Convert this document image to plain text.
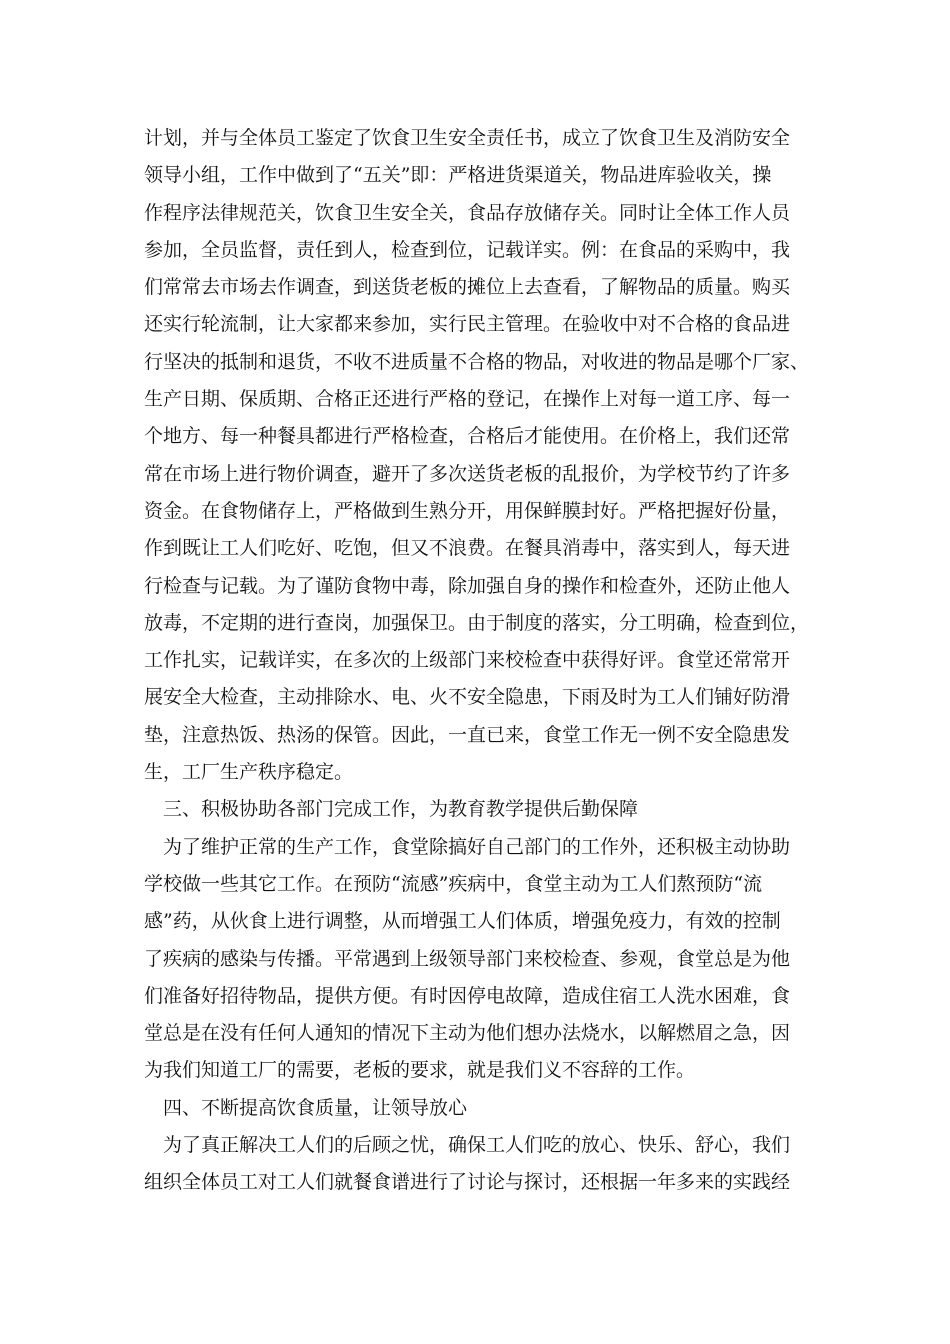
计划，并与全体员工鉴定了饮食卫生安全责任书，成立了饮食卫生及消防安全
领导小组，工作中做到了“五关”即：严格进货渠道关，物品进库验收关，操
作程序法律规范关，饮食卫生安全关，食品存放储存关。同时让全体工作人员
参加，全员监督，责任到人，检查到位，记载详实。例：在食品的采购中，我
们常常去市场去作调查，到送货老板的摊位上去查看，了解物品的质量。购买
还实行轮流制，让大家都来参加，实行民主管理。在验收中对不合格的食品进
行坚决的抵制和退货，不收不进质量不合格的物品，对收进的物品是哪个厂家、
生产日期、保质期、合格正还进行严格的登记，在操作上对每一道工序、每一
个地方、每一种餐具都进行严格检查，合格后才能使用。在价格上，我们还常
常在市场上进行物价调查，避开了多次送货老板的乱报价，为学校节约了许多
资金。在食物储存上，严格做到生熟分开，用保鲜膜封好。严格把握好份量，
作到既让工人们吃好、吃饱，但又不浪费。在餐具消毒中，落实到人，每天进
行检查与记载。为了谨防食物中毒，除加强自身的操作和检查外，还防止他人
放毒，不定期的进行查岗，加强保卫。由于制度的落实，分工明确，检查到位，
工作扎实，记载详实，在多次的上级部门来校检查中获得好评。食堂还常常开
展安全大检查，主动排除水、电、火不安全隐患，下雨及时为工人们铺好防滑
垫，注意热饭、热汤的保管。因此，一直已来，食堂工作无一例不安全隐患发
生，工厂生产秩序稳定。
三、积极协助各部门完成工作，为教育教学提供后勤保障
为了维护正常的生产工作，食堂除搞好自己部门的工作外，还积极主动协助
学校做一些其它工作。在预防“流感”疾病中，食堂主动为工人们熬预防“流
感”药，从伙食上进行调整，从而增强工人们体质，增强免疫力，有效的控制
了疾病的感染与传播。平常遇到上级领导部门来校检查、参观，食堂总是为他
们准备好招待物品，提供方便。有时因停电故障，造成住宿工人洗水困难，食
堂总是在没有任何人通知的情况下主动为他们想办法烧水，以解燃眉之急，因
为我们知道工厂的需要，老板的要求，就是我们义不容辞的工作。
四、不断提高饮食质量，让领导放心
为了真正解决工人们的后顾之忧，确保工人们吃的放心、快乐、舒心，我们
组织全体员工对工人们就餐食谱进行了讨论与探讨，还根据一年多来的实践经
